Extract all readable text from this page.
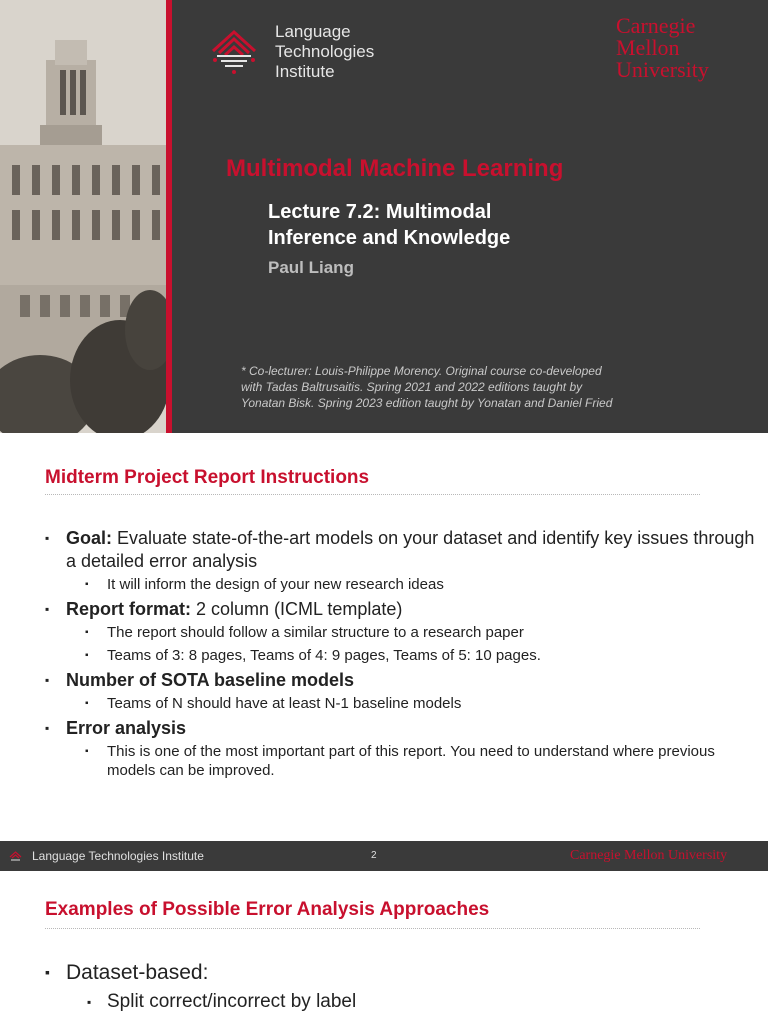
Language
Technologies
Institute
Carnegie
Mellon
University
Multimodal Machine Learning
Lecture 7.2: Multimodal
Inference and Knowledge
Paul Liang
* Co-lecturer: Louis-Philippe Morency. Original course co-developed
with Tadas Baltrusaitis. Spring 2021 and 2022 editions taught by
Yonatan Bisk. Spring 2023 edition taught by Yonatan and Daniel Fried
Midterm Project Report Instructions
▪ Goal: Evaluate state-of-the-art models on your dataset and identify key issues through a detailed error analysis
▪ It will inform the design of your new research ideas
▪ Report format: 2 column (ICML template)
▪ The report should follow a similar structure to a research paper
▪ Teams of 3: 8 pages, Teams of 4: 9 pages, Teams of 5: 10 pages.
▪ Number of SOTA baseline models
▪ Teams of N should have at least N-1 baseline models
▪ Error analysis
▪ This is one of the most important part of this report. You need to understand where previous models can be improved.
Language Technologies Institute	2	Carnegie Mellon University
Examples of Possible Error Analysis Approaches
▪ Dataset-based:
▪ Split correct/incorrect by label
